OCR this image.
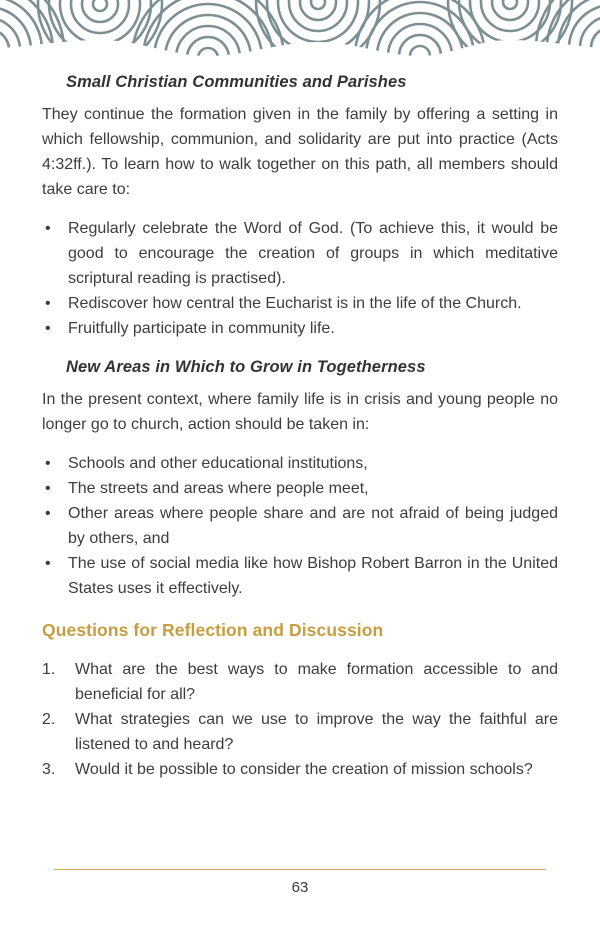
Small Christian Communities and Parishes

They continue the formation given in the family by offering a setting in which fellowship, communion, and solidarity are put into practice (Acts 4:32ff.). To learn how to walk together on this path, all members should take care to:

• Regularly celebrate the Word of God. (To achieve this, it would be good to encourage the creation of groups in which meditative scriptural reading is practised).
• Rediscover how central the Eucharist is in the life of the Church.
• Fruitfully participate in community life.
New Areas in Which to Grow in Togetherness

In the present context, where family life is in crisis and young people no longer go to church, action should be taken in:

• Schools and other educational institutions,
• The streets and areas where people meet,
• Other areas where people share and are not afraid of being judged by others, and
• The use of social media like how Bishop Robert Barron in the United States uses it effectively.
Questions for Reflection and Discussion
What are the best ways to make formation accessible to and beneficial for all?
What strategies can we use to improve the way the faithful are listened to and heard?
Would it be possible to consider the creation of mission schools?
63
